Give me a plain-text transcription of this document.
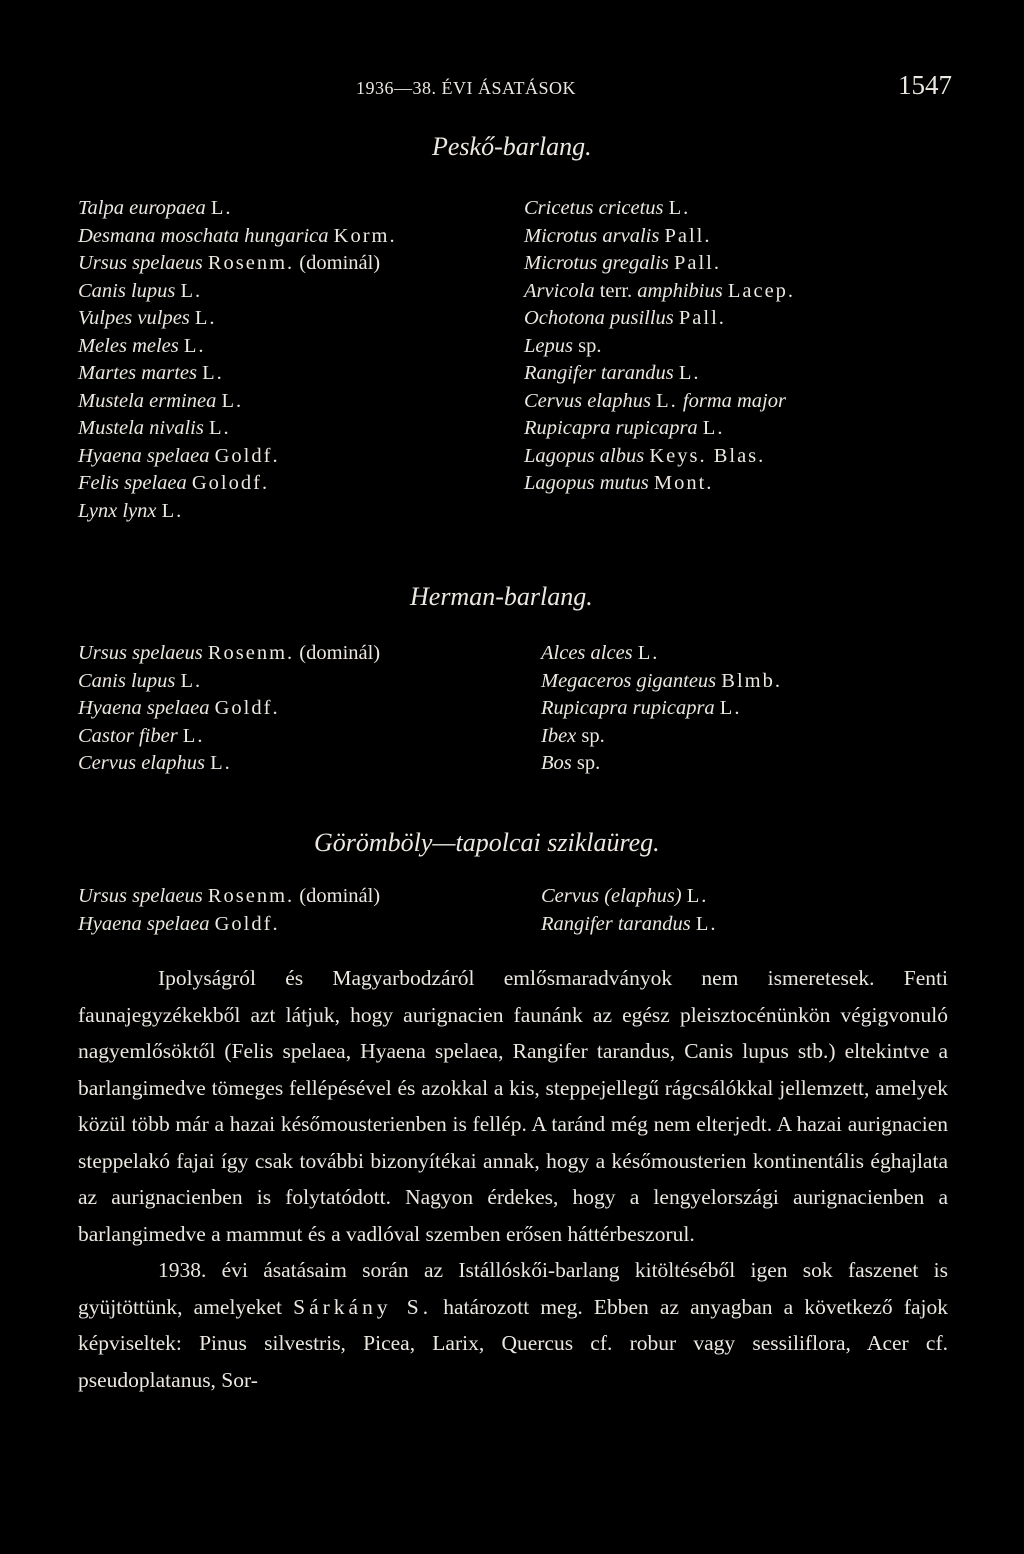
1936—38. ÉVI ÁSATÁSOK	1547
Peskő-barlang.
Talpa europaea L.
Desmana moschata hungarica Korm.
Ursus spelaeus Rosenm. (dominál)
Canis lupus L.
Vulpes vulpes L.
Meles meles L.
Martes martes L.
Mustela erminea L.
Mustela nivalis L.
Hyaena spelaea Goldf.
Felis spelaea Golodf.
Lynx lynx L.
Cricetus cricetus L.
Microtus arvalis Pall.
Microtus gregalis Pall.
Arvicola terr. amphibius Lacep.
Ochotona pusillus Pall.
Lepus sp.
Rangifer tarandus L.
Cervus elaphus L. forma major
Rupicapra rupicapra L.
Lagopus albus Keys. Blas.
Lagopus mutus Mont.
Herman-barlang.
Ursus spelaeus Rosenm. (dominál)
Canis lupus L.
Hyaena spelaea Goldf.
Castor fiber L.
Cervus elaphus L.
Alces alces L.
Megaceros giganteus Blmb.
Rupicapra rupicapra L.
Ibex sp.
Bos sp.
Görömböly—tapolcai sziklaüreg.
Ursus spelaeus Rosenm. (dominál)
Hyaena spelaea Goldf.
Cervus (elaphus) L.
Rangifer tarandus L.

Ipolyságról és Magyarbodzáról emlősmaradványok nem ismeretesek. Fenti faunajegyzékekből azt látjuk, hogy aurignacien faunánk az egész pleisztocénünkön végigvonuló nagyemlősöktől (Felis spelaea, Hyaena spelaea, Rangifer tarandus, Canis lupus stb.) eltekintve a barlangimedve tömeges fellépésével és azokkal a kis, steppejellegű rágcsálókkal jellemzett, amelyek közül több már a hazai későmousterienben is fellép. A taránd még nem elterjedt. A hazai aurignacien steppelakó fajai így csak további bizonyítékai annak, hogy a későmousterien kontinentális éghajlata az aurignacienben is folytatódott. Nagyon érdekes, hogy a lengyelországi aurignacienben a barlangimedve a mammut és a vadlóval szemben erősen háttérbeszorul.

1938. évi ásatásaim során az Istállóskői-barlang kitöltéséből igen sok faszenet is gyüjtöttünk, amelyeket Sárkány S. határozott meg. Ebben az anyagban a következő fajok képviseltek: Pinus silvestris, Picea, Larix, Quercus cf. robur vagy sessiliflora, Acer cf. pseudoplatanus, Sor-
